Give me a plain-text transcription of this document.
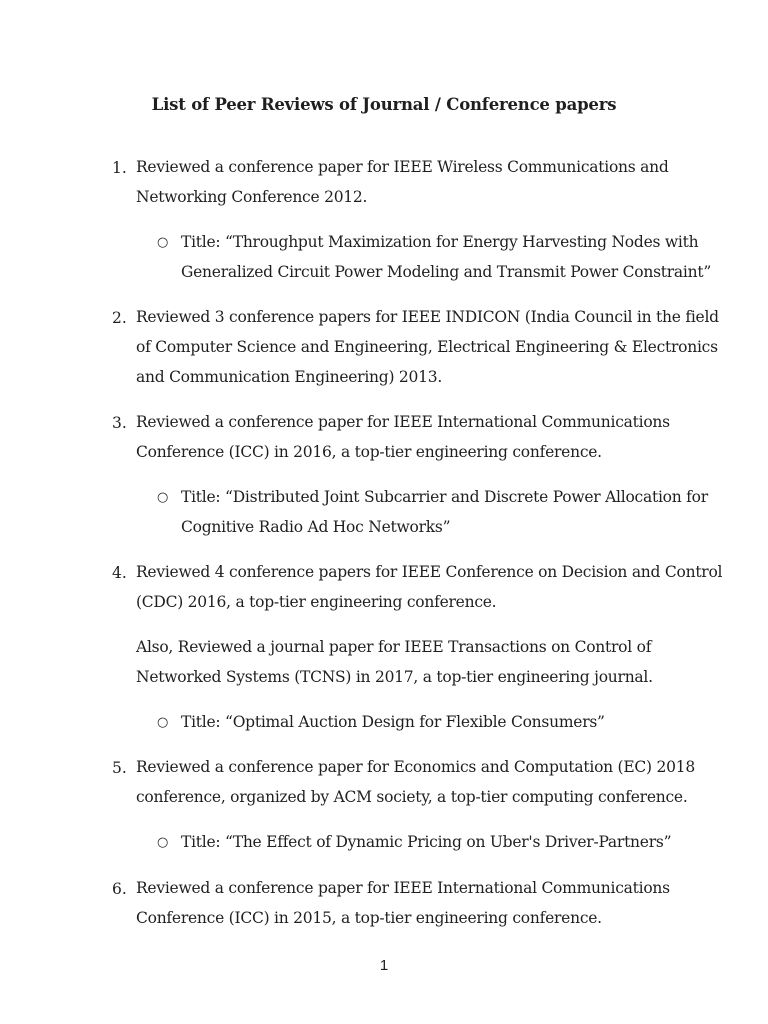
List of Peer Reviews of Journal / Conference papers
1. Reviewed a conference paper for IEEE Wireless Communications and
Networking Conference 2012.
○ Title: “Throughput Maximization for Energy Harvesting Nodes with
Generalized Circuit Power Modeling and Transmit Power Constraint”
2. Reviewed 3 conference papers for IEEE INDICON (India Council in the field
of Computer Science and Engineering, Electrical Engineering & Electronics
and Communication Engineering) 2013.
3. Reviewed a conference paper for IEEE International Communications
Conference (ICC) in 2016, a top-tier engineering conference.
○ Title: “Distributed Joint Subcarrier and Discrete Power Allocation for
Cognitive Radio Ad Hoc Networks”
4. Reviewed 4 conference papers for IEEE Conference on Decision and Control
(CDC) 2016, a top-tier engineering conference.
Also, Reviewed a journal paper for IEEE Transactions on Control of
Networked Systems (TCNS) in 2017, a top-tier engineering journal.
○ Title: “Optimal Auction Design for Flexible Consumers”
5. Reviewed a conference paper for Economics and Computation (EC) 2018
conference, organized by ACM society, a top-tier computing conference.
○ Title: “The Effect of Dynamic Pricing on Uber's Driver-Partners”
6. Reviewed a conference paper for IEEE International Communications
Conference (ICC) in 2015, a top-tier engineering conference.
1
